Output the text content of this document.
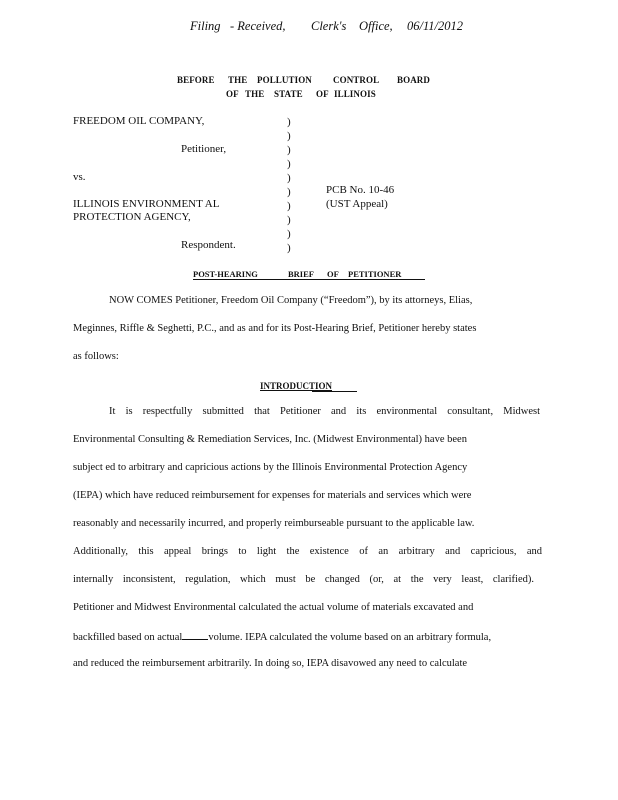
Filing - Received, Clerk's Office, 06/11/2012
BEFORE THE POLLUTION CONTROL BOARD
OF THE STATE OF ILLINOIS
FREEDOM OIL COMPANY,
Petitioner,
vs.
ILLINOIS ENVIRONMENT AL
PROTECTION AGENCY,
Respondent.
)
)
)
)
)
)
)
)
)
)
PCB No. 10-46
(UST Appeal)
POST-HEARING	BRIEF OF PETITIONER
NOW COMES Petitioner, Freedom Oil Company (“Freedom”), by its attorneys, Elias,
Meginnes, Riffle & Seghetti, P.C., and as and for its Post-Hearing Brief, Petitioner hereby states
as follows:
INTRODUCTION
It is respectfully submitted that Petitioner and its environmental consultant, Midwest
Environmental Consulting & Remediation Services, Inc. (Midwest Environmental) have been
subject ed to arbitrary and capricious actions by the Illinois Environmental Protection Agency
(IEPA) which have reduced reimbursement for expenses for materials and services which were
reasonably and necessarily incurred, and properly reimburseable pursuant to the applicable law.
Additionally, this appeal brings to light the existence of an arbitrary and capricious, and
internally inconsistent, regulation, which must be changed (or, at the very least, clarified).
Petitioner and Midwest Environmental calculated the actual volume of materials excavated and
backfilled based on actual volume. IEPA calculated the volume based on an arbitrary formula,
and reduced the reimbursement arbitrarily. In doing so, IEPA disavowed any need to calculate
